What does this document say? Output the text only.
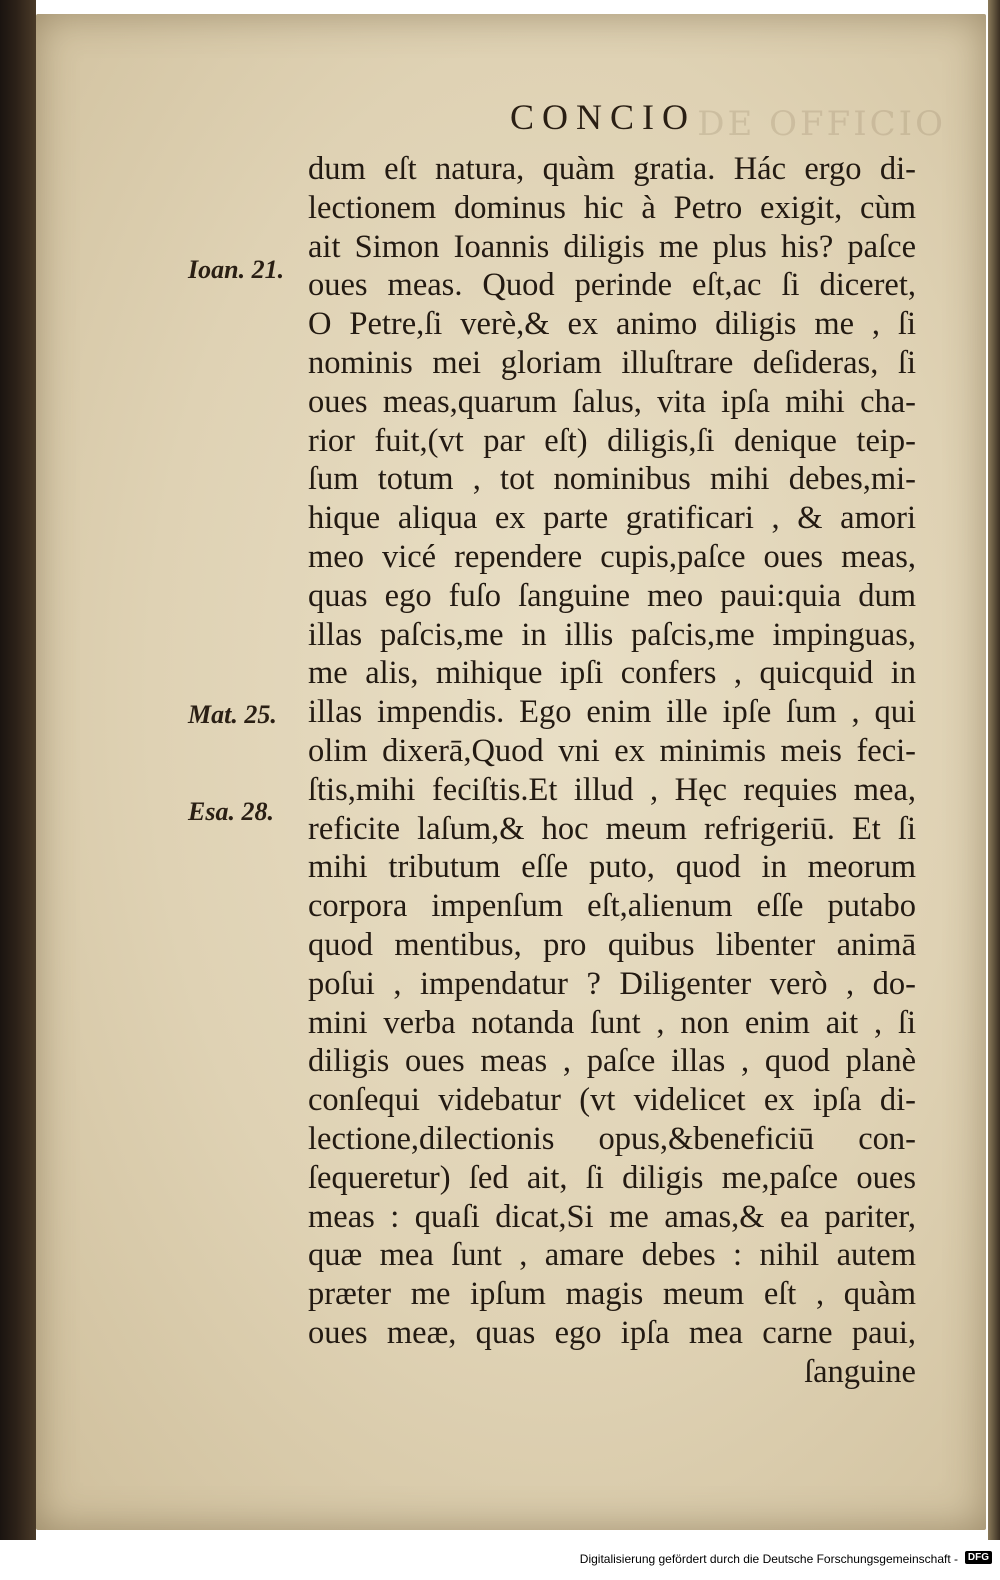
DE OFFICIO
CONCIO
Ioan. 21.
Mat. 25.
Esa. 28.
dum eſt natura, quàm gratia. Hác ergo di-
lectionem dominus hic à Petro exigit, cùm
ait Simon Ioannis diligis me plus his? paſce
oues meas. Quod perinde eſt,ac ſi diceret,
O Petre,ſi verè,& ex animo diligis me , ſi
nominis mei gloriam illuſtrare deſideras, ſi
oues meas,quarum ſalus, vita ipſa mihi cha-
rior fuit,(vt par eſt) diligis,ſi denique teip-
ſum totum , tot nominibus mihi debes,mi-
hique aliqua ex parte gratificari , & amori
meo vicé rependere cupis,paſce oues meas,
quas ego fuſo ſanguine meo paui:quia dum
illas paſcis,me in illis paſcis,me impinguas,
me alis, mihique ipſi confers , quicquid in
illas impendis. Ego enim ille ipſe ſum , qui
olim dixerā,Quod vni ex minimis meis feci-
ſtis,mihi feciſtis.Et illud , Hęc requies mea,
reficite laſum,& hoc meum refrigeriū. Et ſi
mihi tributum eſſe puto, quod in meorum
corpora impenſum eſt,alienum eſſe putabo
quod mentibus, pro quibus libenter animā
poſui , impendatur ? Diligenter verò , do-
mini verba notanda ſunt , non enim ait , ſi
diligis oues meas , paſce illas , quod planè
conſequi videbatur (vt videlicet ex ipſa di-
lectione,dilectionis opus,&beneficiū con-
ſequeretur) ſed ait, ſi diligis me,paſce oues
meas : quaſi dicat,Si me amas,& ea pariter,
quæ mea ſunt , amare debes : nihil autem
præter me ipſum magis meum eſt , quàm
oues meæ, quas ego ipſa mea carne paui,
ſanguine
Digitalisierung gefördert durch die Deutsche Forschungsgemeinschaft - DFG
